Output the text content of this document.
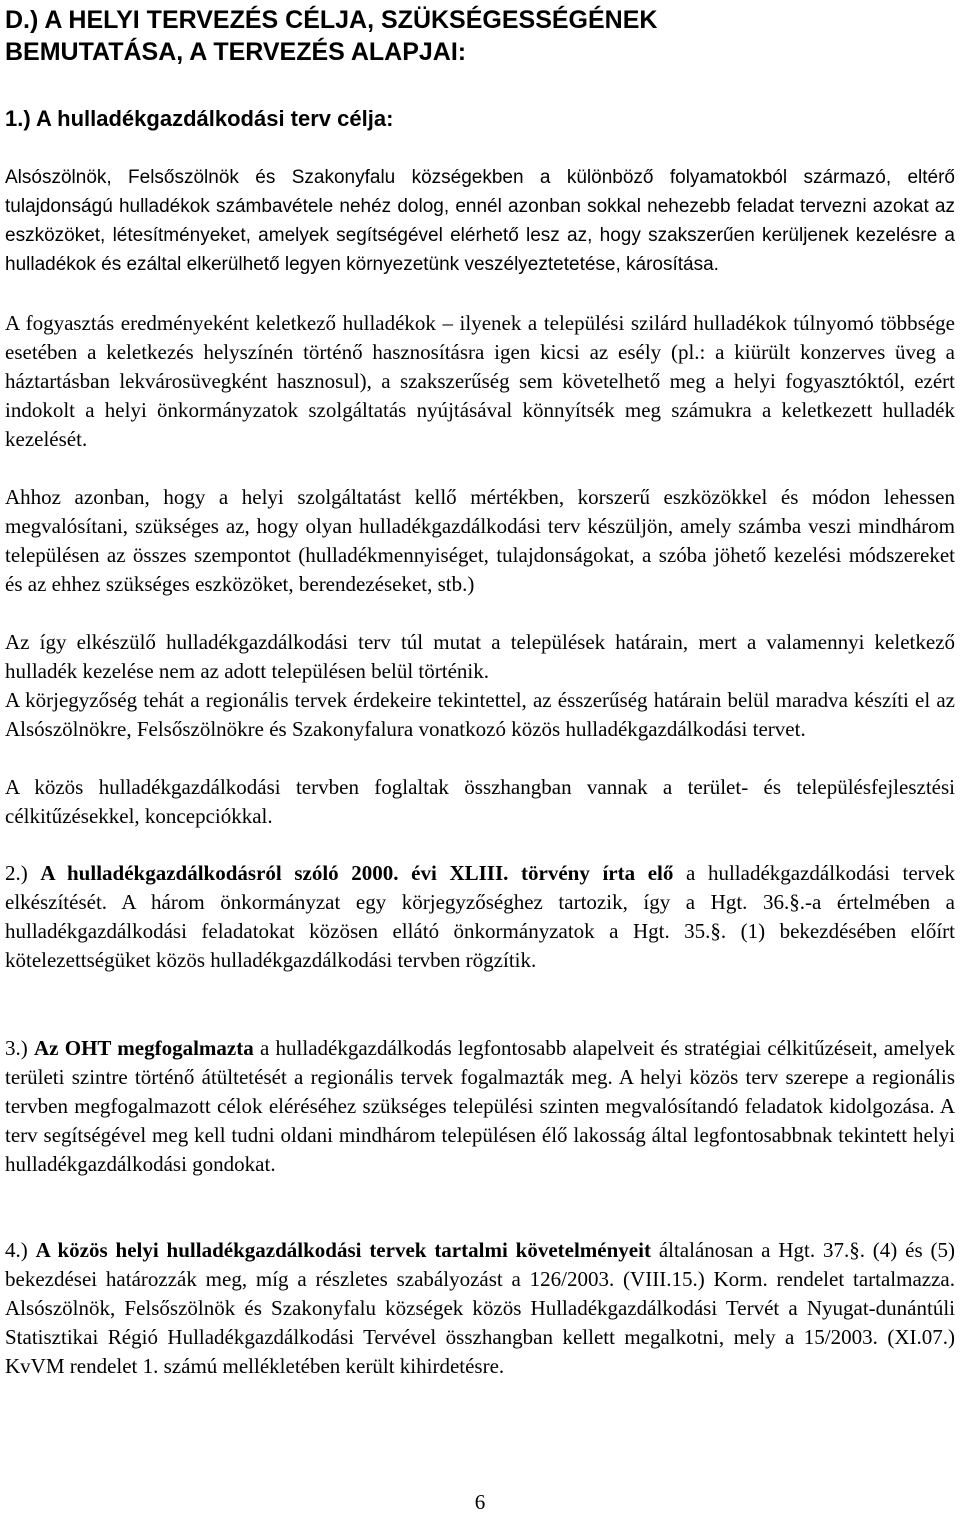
D.) A HELYI TERVEZÉS CÉLJA, SZÜKSÉGESSÉGÉNEK
BEMUTATÁSA, A TERVEZÉS ALAPJAI:
1.) A hulladékgazdálkodási terv célja:

Alsószölnök, Felsőszölnök és Szakonyfalu községekben a különböző folyamatokból származó, eltérő tulajdonságú hulladékok számbavétele nehéz dolog, ennél azonban sokkal nehezebb feladat tervezni azokat az eszközöket, létesítményeket, amelyek segítségével elérhető lesz az, hogy szakszerűen kerüljenek kezelésre a hulladékok és ezáltal elkerülhető legyen környezetünk veszélyeztetetése, károsítása.

A fogyasztás eredményeként keletkező hulladékok – ilyenek a települési szilárd hulladékok túlnyomó többsége esetében a keletkezés helyszínén történő hasznosításra igen kicsi az esély (pl.: a kiürült konzerves üveg a háztartásban lekvárosüvegként hasznosul), a szakszerűség sem követelhető meg a helyi fogyasztóktól, ezért indokolt a helyi önkormányzatok szolgáltatás nyújtásával könnyítsék meg számukra a keletkezett hulladék kezelését.

Ahhoz azonban, hogy a helyi szolgáltatást kellő mértékben, korszerű eszközökkel és módon lehessen megvalósítani, szükséges az, hogy olyan hulladékgazdálkodási terv készüljön, amely számba veszi mindhárom településen az összes szempontot (hulladékmennyiséget, tulajdonságokat, a szóba jöhető kezelési módszereket és az ehhez szükséges eszközöket, berendezéseket, stb.)

Az így elkészülő hulladékgazdálkodási terv túl mutat a települések határain, mert a valamennyi keletkező hulladék kezelése nem az adott településen belül történik.

A körjegyzőség tehát a regionális tervek érdekeire tekintettel, az ésszerűség határain belül maradva készíti el az Alsószölnökre, Felsőszölnökre és Szakonyfalura vonatkozó közös hulladékgazdálkodási tervet.

A közös hulladékgazdálkodási tervben foglaltak összhangban vannak a terület- és településfejlesztési célkitűzésekkel, koncepciókkal.

2.) A hulladékgazdálkodásról szóló 2000. évi XLIII. törvény írta elő a hulladékgazdálkodási tervek elkészítését. A három önkormányzat egy körjegyzőséghez tartozik, így a Hgt. 36.§.-a értelmében a hulladékgazdálkodási feladatokat közösen ellátó önkormányzatok a Hgt. 35.§. (1) bekezdésében előírt kötelezettségüket közös hulladékgazdálkodási tervben rögzítik.

3.) Az OHT megfogalmazta a hulladékgazdálkodás legfontosabb alapelveit és stratégiai célkitűzéseit, amelyek területi szintre történő átültetését a regionális tervek fogalmazták meg. A helyi közös terv szerepe a regionális tervben megfogalmazott célok eléréséhez szükséges települési szinten megvalósítandó feladatok kidolgozása. A terv segítségével meg kell tudni oldani mindhárom településen élő lakosság által legfontosabbnak tekintett helyi hulladékgazdálkodási gondokat.

4.) A közös helyi hulladékgazdálkodási tervek tartalmi követelményeit általánosan a Hgt. 37.§. (4) és (5) bekezdései határozzák meg, míg a részletes szabályozást a 126/2003. (VIII.15.) Korm. rendelet tartalmazza. Alsószölnök, Felsőszölnök és Szakonyfalu községek közös Hulladékgazdálkodási Tervét a Nyugat-dunántúli Statisztikai Régió Hulladékgazdálkodási Tervével összhangban kellett megalkotni, mely a 15/2003. (XI.07.) KvVM rendelet 1. számú mellékletében került kihirdetésre.

6
